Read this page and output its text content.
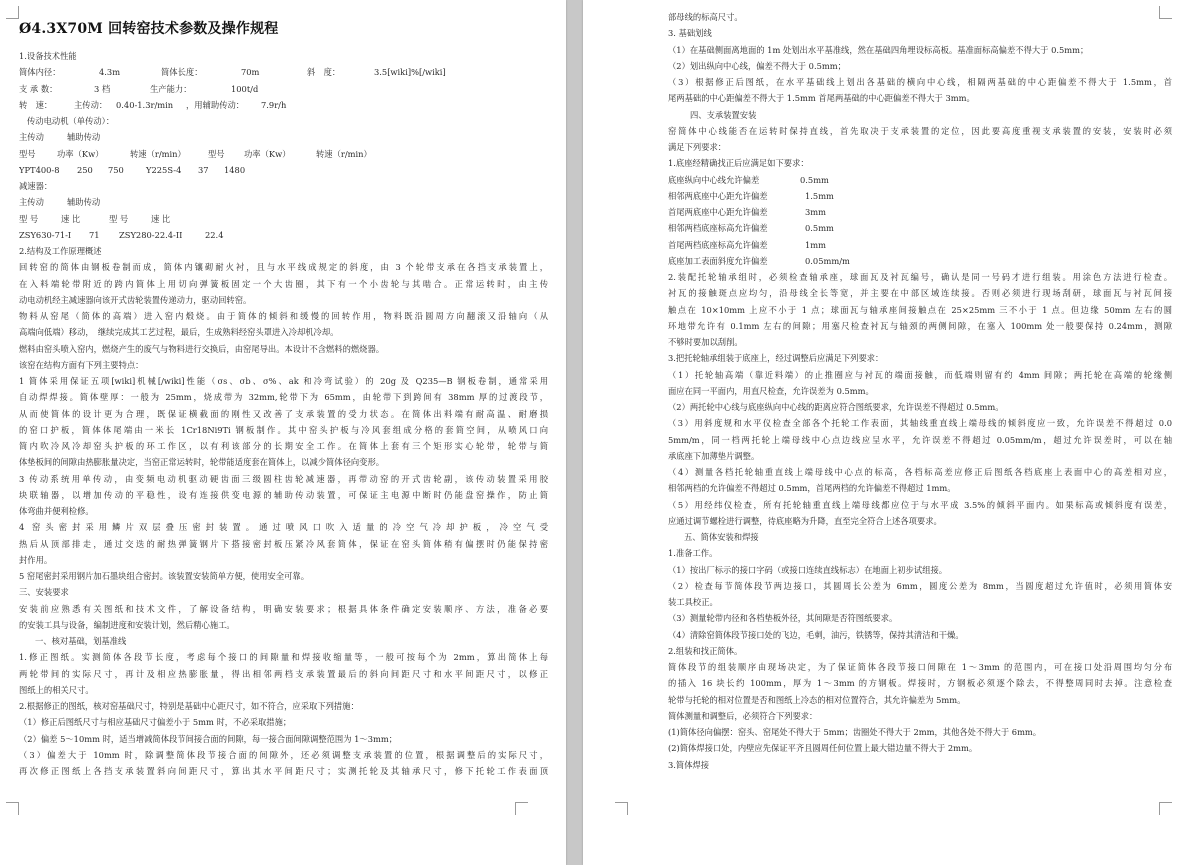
Ø4.3X70M 回转窑技术参数及操作规程
1.设备技术性能
简体内径：	4.3m	简体长度：	70m	斜　度：	3.5[wiki]%[/wiki]
支 承 数：	3 档	生产能力：	100t/d
转　速：	主传动：	0.40-1.3r/min	，用辅助传动：	7.9r/h
传动电动机（单传动）：
主传动	辅助传动
型号	功率（Kw）	转速（r/min）	型号	功率（Kw）	转速（r/min）
YPT400-8	250	750	Y225S-4	37	1480
减速器：
主传动	辅助传动
型 号	速 比	型 号	速 比
ZSY630-71-I	71	ZSY280-22.4-II	22.4
2.结构及工作原理概述
回转窑的简体由钢板卷制而成，简体内镶砌耐火衬，且与水平线成规定的斜度，由 3 个轮带支承在各挡支承装置上，
在入料端轮带附近的跨内简体上用切向弹簧板固定一个大齿圈，其下有一个小齿轮与其啮合。正常运转时，由主传
动电动机经主减速器向该开式齿轮装置传递动力，驱动回转窑。
物料从窑尾（简体的高端）进入窑内煅烧。由于简体的倾斜和缓慢的回转作用，物料既沿圆周方向翻滚又沿轴向（从
高端向低端）移动，　继续完成其工艺过程，最后，生成熟料经窑头罩进入冷却机冷却。
燃料由窑头喷入窑内，燃烧产生的废气与物料进行交换后，由窑尾导出。本设计不含燃料的燃烧器。
该窑在结构方面有下列主要特点：
1 简体采用保证五项[wiki]机械[/wiki]性能（σs、σb、σ%、ak 和冷弯试验）的 20g 及 Q235—B 钢板卷制，通常采用
自动焊焊接。简体壁厚：一般为 25mm，烧成带为 32mm,轮带下为 65mm，由轮带下到跨间有 38mm 厚的过渡段节，
从而使简体的设计更为合理，既保证横截面的刚性又改善了支承装置的受力状态。在简体出料端有耐高温、耐磨损
的窑口护板，简体体尾端由一米长 1Cr18Ni9Ti 钢板制作。其中窑头护板与冷风套组成分格的套简空间，从喷风口向
简内吹冷风冷却窑头护板的环工作区，以有利该部分的长期安全工作。在简体上套有三个矩形实心轮带，轮带与简
体垫板间的间隙由热膨胀量决定，当窑正常运转时，轮带能适度套在简体上，以减少简体径向变形。
3 传动系统用单传动，由变频电动机驱动硬齿面三级圆柱齿轮减速器，再带动窑的开式齿轮副，该传动装置采用胶
块联轴器，以增加传动的平稳性，设有连接供变电源的辅助传动装置，可保证主电源中断时仍能盘窑操作，防止简
体弯曲并便利检修。
4 窑头密封采用鳞片双层叠压密封装置。通过喷风口吹入适量的冷空气冷却护板，冷空气受
热后从顶部排走，通过交迭的耐热弹簧钢片下搭接密封板压紧冷风套简体，保证在窑头简体稍有偏摆时仍能保持密
封作用。
5 窑尾密封采用钢片加石墨块组合密封。该装置安装简单方便，使用安全可靠。
三、安装要求
安装前应熟悉有关图纸和技术文件，了解设备结构，明确安装要求；根据具体条件确定安装顺序、方法，准备必要
的安装工具与设备，编制进度和安装计划，然后精心施工。
一、核对基础，划基准线
1.修正图纸。实测简体各段节长度，考虑每个接口的间隙量和焊接收缩量等，一般可按每个为 2mm，算出简体上每
两轮带间的实际尺寸，再计及相应热膨胀量，得出相邻两档支承装置最后的斜向间距尺寸和水平间距尺寸，以修正
图纸上的相关尺寸。
2.根据修正的图纸，核对窑基础尺寸，特别是基础中心距尺寸，如不符合，应采取下列措施：
（1）修正后图纸尺寸与相应基础尺寸偏差小于 5mm 时，不必采取措施；
（2）偏差 5～10mm 时，适当增减简体段节间接合面的间隙，每一接合面间隙调整范围为 1～3mm；
（3）偏差大于 10mm 时，除调整简体段节接合面的间隙外，还必须调整支承装置的位置，根据调整后的实际尺寸，
再次修正图纸上各挡支承装置斜向间距尺寸，算出其水平间距尺寸；实测托轮及其轴承尺寸，修下托轮工作表面顶
部母线的标高尺寸。
3. 基础划线
（1）在基础侧面离地面的 1m 处划出水平基准线，然在基础四角埋设标高板。基准面标高偏差不得大于 0.5mm；
（2）划出纵向中心线，偏差不得大于 0.5mm；
（3）根据修正后图纸，在水平基础线上划出各基础的横向中心线，相隔两基础的中心距偏差不得大于 1.5mm，首
尾两基础的中心距偏差不得大于 1.5mm 首尾两基础的中心距偏差不得大于 3mm。
四、支承装置安装
窑简体中心线能否在运转时保持直线，首先取决于支承装置的定位，因此要高度重视支承装置的安装，安装时必须
满足下列要求：
1.底座经精确找正后应满足如下要求：
底座纵向中心线允许偏差	0.5mm
相邻两底座中心距允许偏差	1.5mm
首尾两底座中心距允许偏差	3mm
相邻两档底座标高允许偏差	0.5mm
首尾两档底座标高允许偏差	1mm
底座加工表面斜度允许偏差	0.05mm/m
2.装配托轮轴承组时，必须检查轴承座，球面瓦及衬瓦编号，确认是同一号码才进行组装。用涂色方法进行检查。
衬瓦的接触斑点应均匀，沿母线全长等宽，并主要在中部区域连续接。否则必须进行现场刮研，球面瓦与衬瓦间接
触点在 10×10mm 上应不小于 1 点；球面瓦与轴承座间接触点在 25×25mm 三不小于 1 点。但边缘 50mm 左右的圆
环地带允许有 0.1mm 左右的间隙；用塞尺检查衬瓦与轴颈的两侧间隙，在塞入 100mm 处一般要保持 0.24mm，测隙
不够时要加以刮削。
3.把托轮轴承组装于底座上，经过调整后应满足下列要求：
（1）托轮轴高端（靠近料端）的止推圈应与衬瓦的端面接触，而低端则留有约 4mm 间隙；两托轮在高端的轮缘侧
面应在同一平面内，用直尺检查，允许误差为 0.5mm。
（2）两托轮中心线与底座纵向中心线的距离应符合图纸要求，允许误差不得超过 0.5mm。
（3）用斜度规和水平仪检查全部各个托轮工作表面，其轴线重直线上端母线的倾斜度应一致，允许误差不得超过 0.0
5mm/m，同一档两托轮上端母线中心点边线应呈水平，允许误差不得超过 0.05mm/m，超过允许误差时，可以在轴
承底座下加薄垫片调整。
（4）测量各档托轮轴重直线上端母线中心点的标高，各档标高差应修正后图纸各档底座上表面中心的高差相对应，
相邻两档的允许偏差不得超过 0.5mm，首尾两档的允许偏差不得超过 1mm。
（5）用经纬仪检查，所有托轮轴重直线上端母线都应位于与水平成 3.5%的倾斜平面内。如果标高或倾斜度有误差，
应通过调节螺栓进行调整，待底座略为升降，直至完全符合上述各项要求。
五、简体安装和焊接
1.准备工作。
（1）按出厂标示的接口字码（或接口连续直线标志）在地面上初步试组接。
（2）检查每节简体段节两边接口，其圆周长公差为 6mm，圆度公差为 8mm，当圆度超过允许值时，必须用简体安
装工具校正。
（3）测量轮带内径和各档垫板外径，其间隙是否符图纸要求。
（4）清除窑简体段节接口处的飞边，毛刺，油污，铁锈等，保持其清洁和干燥。
2.组装和找正简体。
简体段节的组装顺序由现场决定，为了保证简体各段节接口间隙在 1～3mm 的范围内，可在接口处沿周围均匀分布
的插入 16 块长约 100mm，厚为 1～3mm 的方钢板。焊接时，方钢板必须逐个除去，不得整周同时去掉。注意检查
轮带与托轮的相对位置是否和图纸上冷态的相对位置符合，其允许偏差为 5mm。
简体测量和调整后，必须符合下列要求：
(1)简体径向偏摆：窑头、窑尾处不得大于 5mm；齿圈处不得大于 2mm，其他各处不得大于 6mm。
(2)简体焊接口处，内壁应先保证平齐且圆周任何位置上最大错边量不得大于 2mm。
3.简体焊接
